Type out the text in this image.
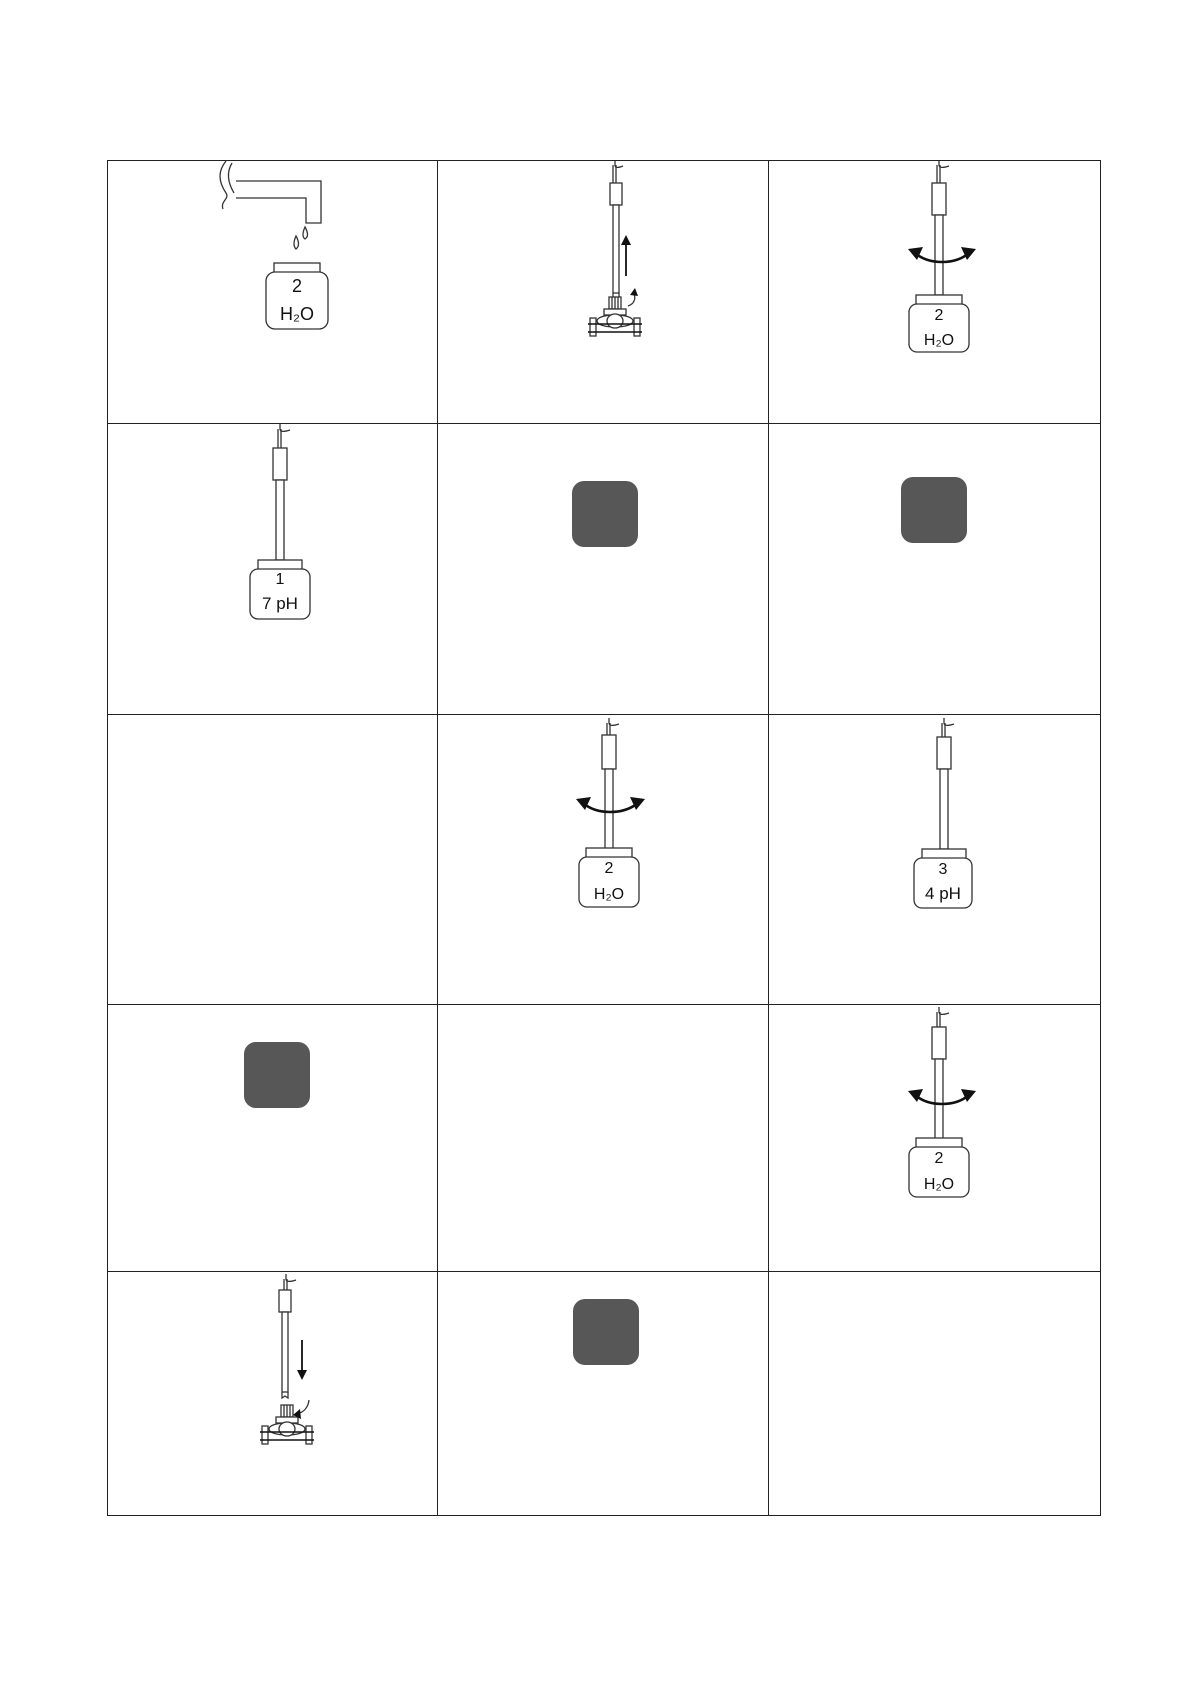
2
H₂O	2
H₂O
1
7 pH
2
H₂O
3
4 pH
2
H₂O
